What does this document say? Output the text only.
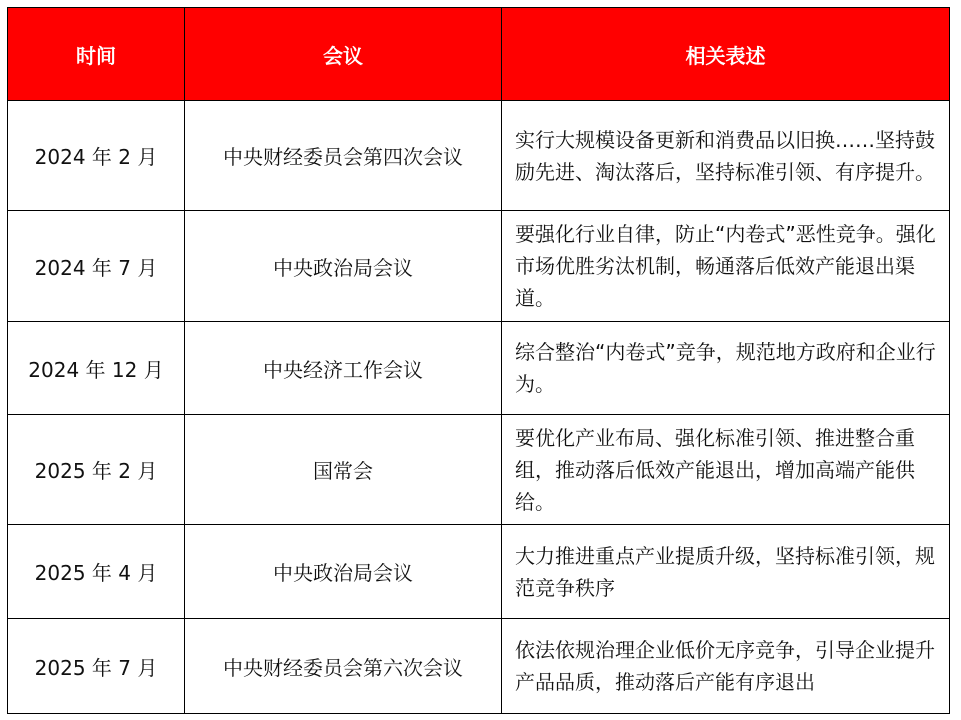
时间	会议	相关表述
2024 年 2 月	中央财经委员会第四次会议	实行大规模设备更新和消费品以旧换……坚持鼓励先进、淘汰落后，坚持标准引领、有序提升。
2024 年 7 月	中央政治局会议	要强化行业自律，防止“内卷式”恶性竞争。强化市场优胜劣汰机制，畅通落后低效产能退出渠道。
2024 年 12 月	中央经济工作会议	综合整治“内卷式”竞争，规范地方政府和企业行为。
2025 年 2 月	国常会	要优化产业布局、强化标准引领、推进整合重组，推动落后低效产能退出，增加高端产能供给。
2025 年 4 月	中央政治局会议	大力推进重点产业提质升级，坚持标准引领，规范竞争秩序
2025 年 7 月	中央财经委员会第六次会议	依法依规治理企业低价无序竞争，引导企业提升产品品质，推动落后产能有序退出
